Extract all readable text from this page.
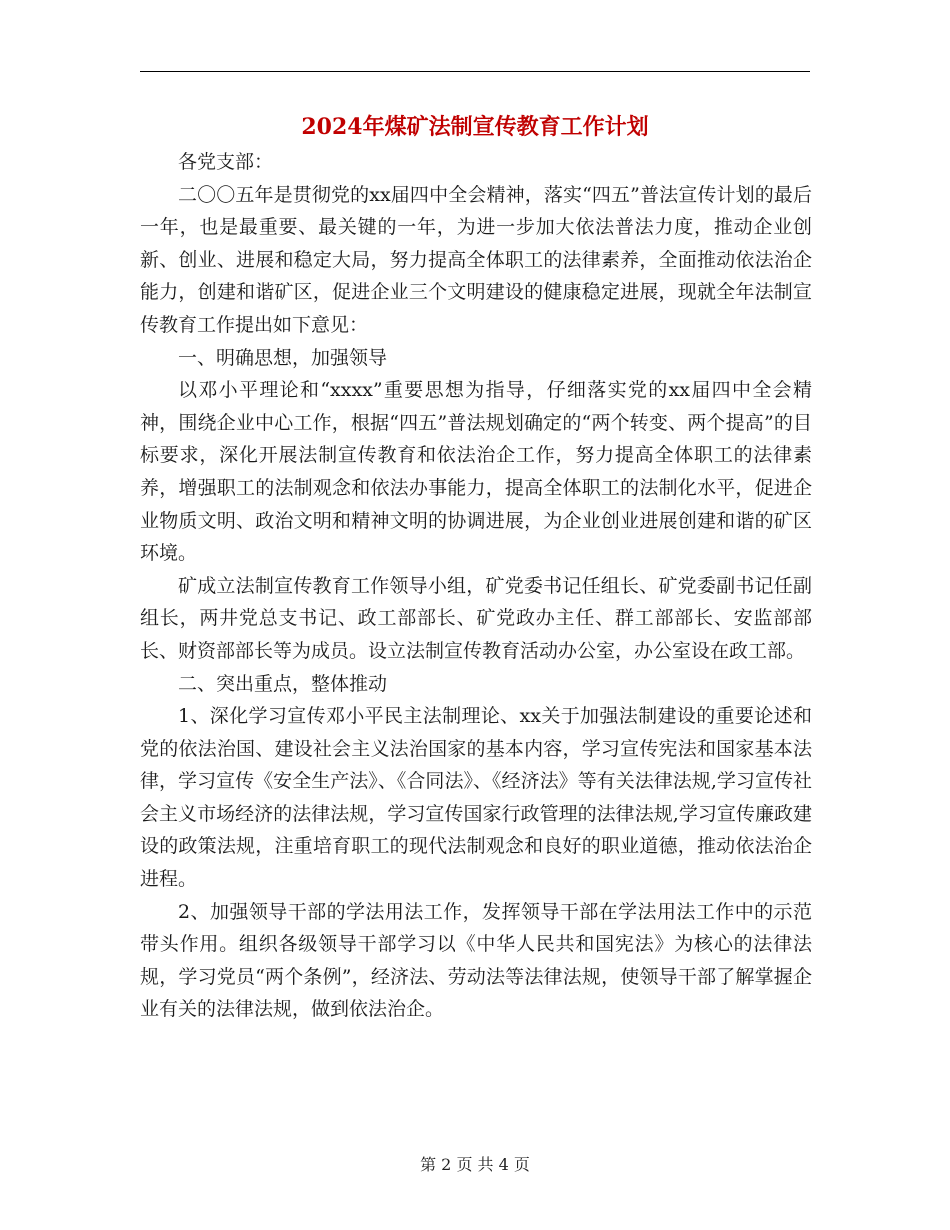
2024年煤矿法制宣传教育工作计划

各党支部：

二〇〇五年是贯彻党的xx届四中全会精神，落实“四五”普法宣传计划的最后一年，也是最重要、最关键的一年，为进一步加大依法普法力度，推动企业创新、创业、进展和稳定大局，努力提高全体职工的法律素养，全面推动依法治企能力，创建和谐矿区，促进企业三个文明建设的健康稳定进展，现就全年法制宣传教育工作提出如下意见：

一、明确思想，加强领导

以邓小平理论和“xxxx”重要思想为指导，仔细落实党的xx届四中全会精神，围绕企业中心工作，根据“四五”普法规划确定的“两个转变、两个提高”的目标要求，深化开展法制宣传教育和依法治企工作，努力提高全体职工的法律素养，增强职工的法制观念和依法办事能力，提高全体职工的法制化水平，促进企业物质文明、政治文明和精神文明的协调进展，为企业创业进展创建和谐的矿区环境。

矿成立法制宣传教育工作领导小组，矿党委书记任组长、矿党委副书记任副组长，两井党总支书记、政工部部长、矿党政办主任、群工部部长、安监部部长、财资部部长等为成员。设立法制宣传教育活动办公室，办公室设在政工部。

二、突出重点，整体推动

1、深化学习宣传邓小平民主法制理论、xx关于加强法制建设的重要论述和党的依法治国、建设社会主义法治国家的基本内容，学习宣传宪法和国家基本法律，学习宣传《安全生产法》、《合同法》、《经济法》等有关法律法规,学习宣传社会主义市场经济的法律法规，学习宣传国家行政管理的法律法规,学习宣传廉政建设的政策法规，注重培育职工的现代法制观念和良好的职业道德，推动依法治企进程。

2、加强领导干部的学法用法工作，发挥领导干部在学法用法工作中的示范带头作用。组织各级领导干部学习以《中华人民共和国宪法》为核心的法律法规，学习党员“两个条例”，经济法、劳动法等法律法规，使领导干部了解掌握企业有关的法律法规，做到依法治企。

第 2 页 共 4 页
